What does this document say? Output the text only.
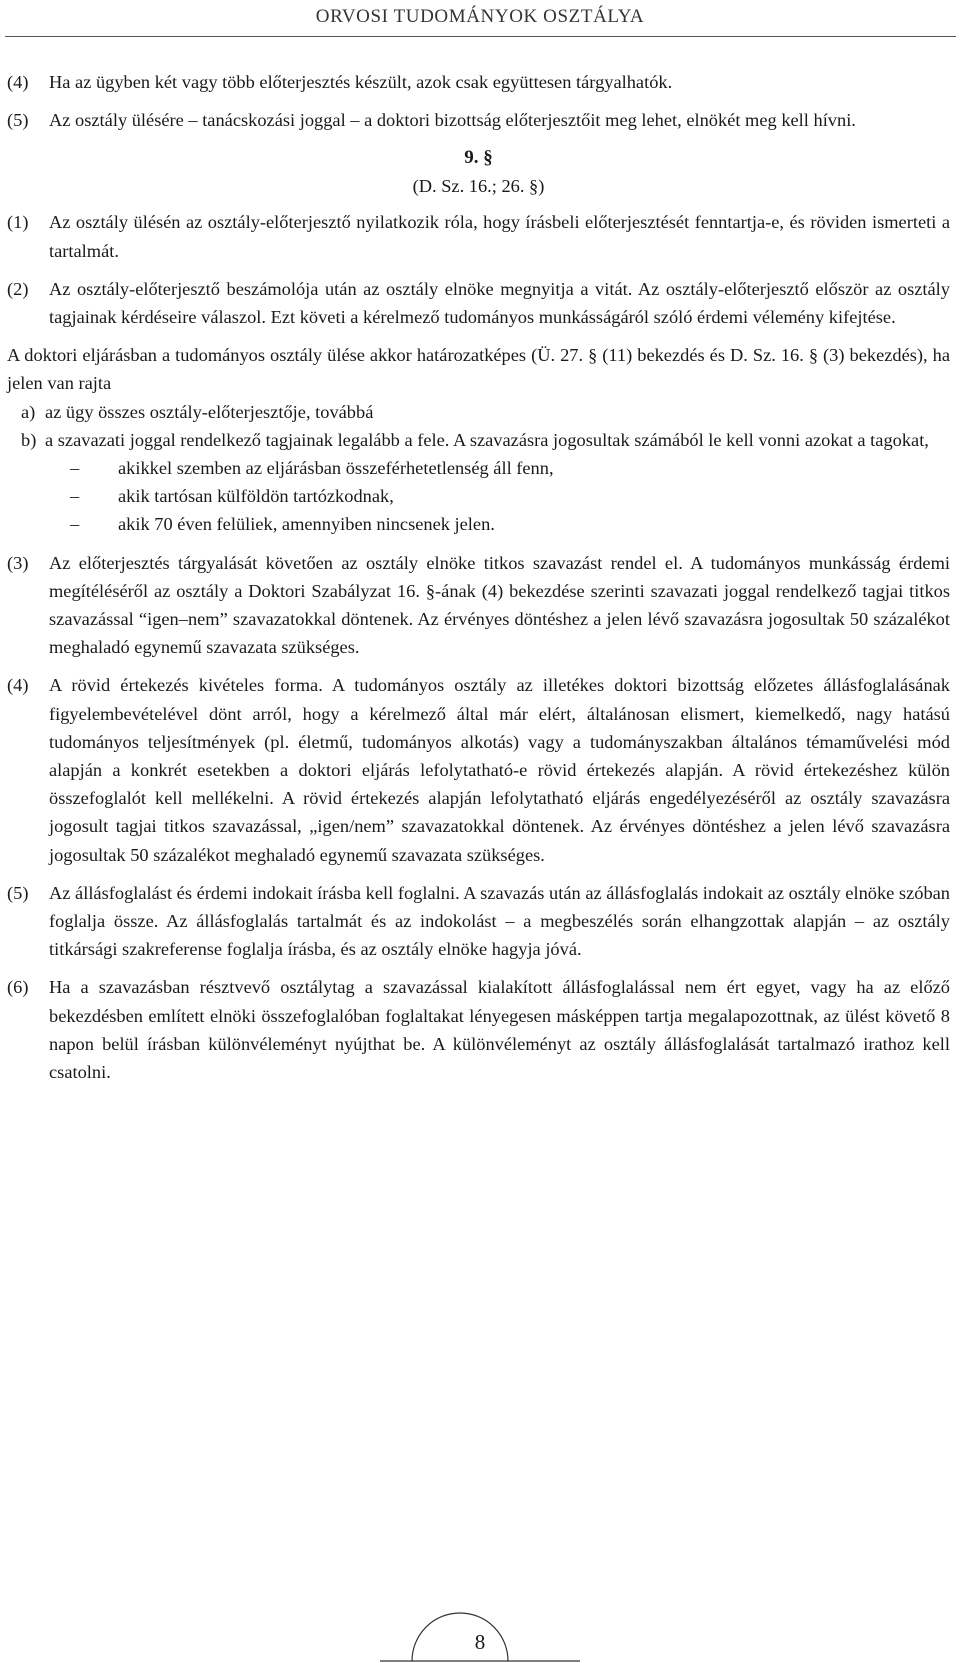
ORVOSI TUDOMÁNYOK OSZTÁLYA
(4)	Ha az ügyben két vagy több előterjesztés készült, azok csak együttesen tárgyalhatók.
(5)	Az osztály ülésére – tanácskozási joggal – a doktori bizottság előterjesztőit meg lehet, elnökét meg kell hívni.
9. §
(D. Sz. 16.; 26. §)
(1)	Az osztály ülésén az osztály-előterjesztő nyilatkozik róla, hogy írásbeli előterjesztését fenntartja-e, és röviden ismerteti a tartalmát.
(2)	Az osztály-előterjesztő beszámolója után az osztály elnöke megnyitja a vitát. Az osztály-előterjesztő először az osztály tagjainak kérdéseire válaszol. Ezt követi a kérelmező tudományos munkásságáról szóló érdemi vélemény kifejtése.
A doktori eljárásban a tudományos osztály ülése akkor határozatképes (Ü. 27. § (11) bekezdés és D. Sz. 16. § (3) bekezdés), ha jelen van rajta
a) az ügy összes osztály-előterjesztője, továbbá
b) a szavazati joggal rendelkező tagjainak legalább a fele. A szavazásra jogosultak számából le kell vonni azokat a tagokat,
–	akikkel szemben az eljárásban összeférhetetlenség áll fenn,
–	akik tartósan külföldön tartózkodnak,
–	akik 70 éven felüliek, amennyiben nincsenek jelen.
(3)	Az előterjesztés tárgyalását követően az osztály elnöke titkos szavazást rendel el. A tudományos munkásság érdemi megítéléséről az osztály a Doktori Szabályzat 16. §-ának (4) bekezdése szerinti szavazati joggal rendelkező tagjai titkos szavazással “igen–nem” szavazatokkal döntenek. Az érvényes döntéshez a jelen lévő szavazásra jogosultak 50 százalékot meghaladó egynemű szavazata szükséges.
(4)	A rövid értekezés kivételes forma. A tudományos osztály az illetékes doktori bizottság előzetes állásfoglalásának figyelembevételével dönt arról, hogy a kérelmező által már elért, általánosan elismert, kiemelkedő, nagy hatású tudományos teljesítmények (pl. életmű, tudományos alkotás) vagy a tudományszakban általános témaművelési mód alapján a konkrét esetekben a doktori eljárás lefolytatható-e rövid értekezés alapján. A rövid értekezéshez külön összefoglalót kell mellékelni. A rövid értekezés alapján lefolytatható eljárás engedélyezéséről az osztály szavazásra jogosult tagjai titkos szavazással, „igen/nem” szavazatokkal döntenek. Az érvényes döntéshez a jelen lévő szavazásra jogosultak 50 százalékot meghaladó egynemű szavazata szükséges.
(5)	Az állásfoglalást és érdemi indokait írásba kell foglalni. A szavazás után az állásfoglalás indokait az osztály elnöke szóban foglalja össze. Az állásfoglalás tartalmát és az indokolást – a megbeszélés során elhangzottak alapján – az osztály titkársági szakreferense foglalja írásba, és az osztály elnöke hagyja jóvá.
(6)	Ha a szavazásban résztvevő osztálytag a szavazással kialakított állásfoglalással nem ért egyet, vagy ha az előző bekezdésben említett elnöki összefoglalóban foglaltakat lényegesen másképpen tartja megalapozottnak, az ülést követő 8 napon belül írásban különvéleményt nyújthat be. A különvéleményt az osztály állásfoglalását tartalmazó irathoz kell csatolni.
8
